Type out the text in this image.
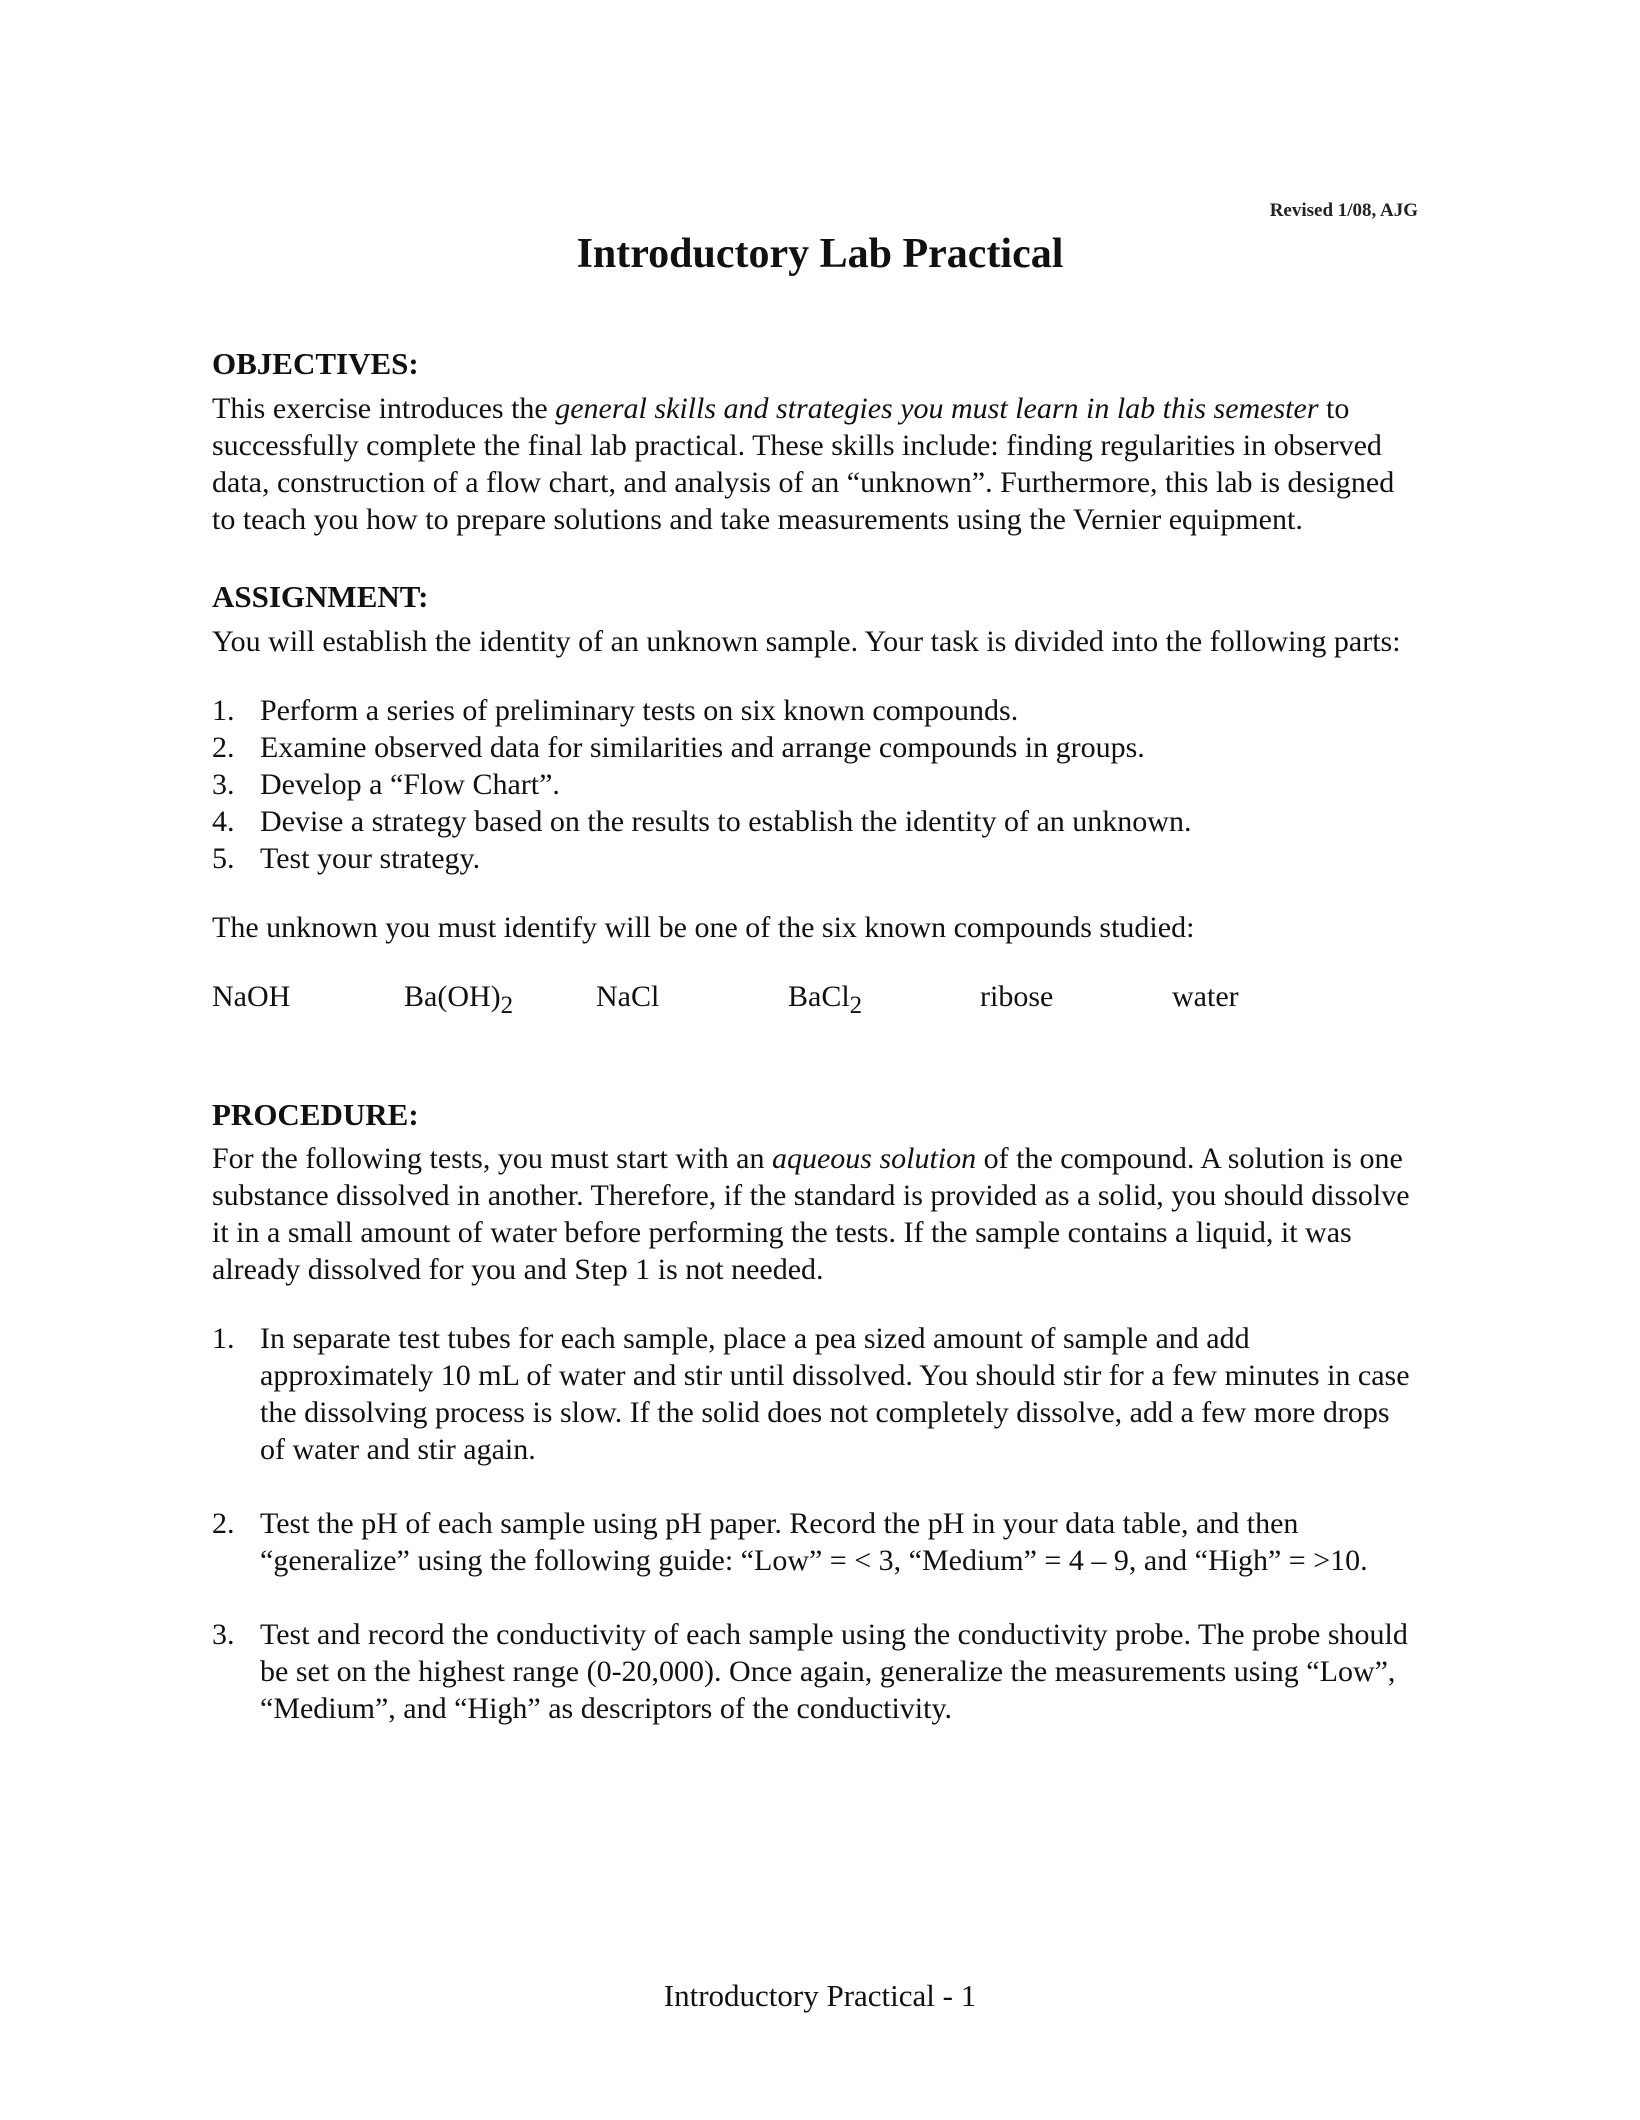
Revised 1/08, AJG
Introductory Lab Practical
OBJECTIVES:

This exercise introduces the general skills and strategies you must learn in lab this semester to successfully complete the final lab practical. These skills include: finding regularities in observed data, construction of a flow chart, and analysis of an “unknown”. Furthermore, this lab is designed to teach you how to prepare solutions and take measurements using the Vernier equipment.

ASSIGNMENT:

You will establish the identity of an unknown sample. Your task is divided into the following parts:

1. Perform a series of preliminary tests on six known compounds.
2. Examine observed data for similarities and arrange compounds in groups.
3. Develop a “Flow Chart”.
4. Devise a strategy based on the results to establish the identity of an unknown.
5. Test your strategy.

The unknown you must identify will be one of the six known compounds studied:

NaOH	$Ba(OH)_2$	NaCl	BaCl$_2$	ribose	water
PROCEDURE:

For the following tests, you must start with an aqueous solution of the compound. A solution is one substance dissolved in another. Therefore, if the standard is provided as a solid, you should dissolve it in a small amount of water before performing the tests. If the sample contains a liquid, it was already dissolved for you and Step 1 is not needed.

1. In separate test tubes for each sample, place a pea sized amount of sample and add approximately 10 mL of water and stir until dissolved. You should stir for a few minutes in case the dissolving process is slow. If the solid does not completely dissolve, add a few more drops of water and stir again.
2. Test the pH of each sample using pH paper. Record the pH in your data table, and then “generalize” using the following guide: “Low” = < 3, “Medium” = 4 – 9, and “High” = >10.
3. Test and record the conductivity of each sample using the conductivity probe. The probe should be set on the highest range (0-20,000). Once again, generalize the measurements using “Low”, “Medium”, and “High” as descriptors of the conductivity.
Introductory Practical - 1
